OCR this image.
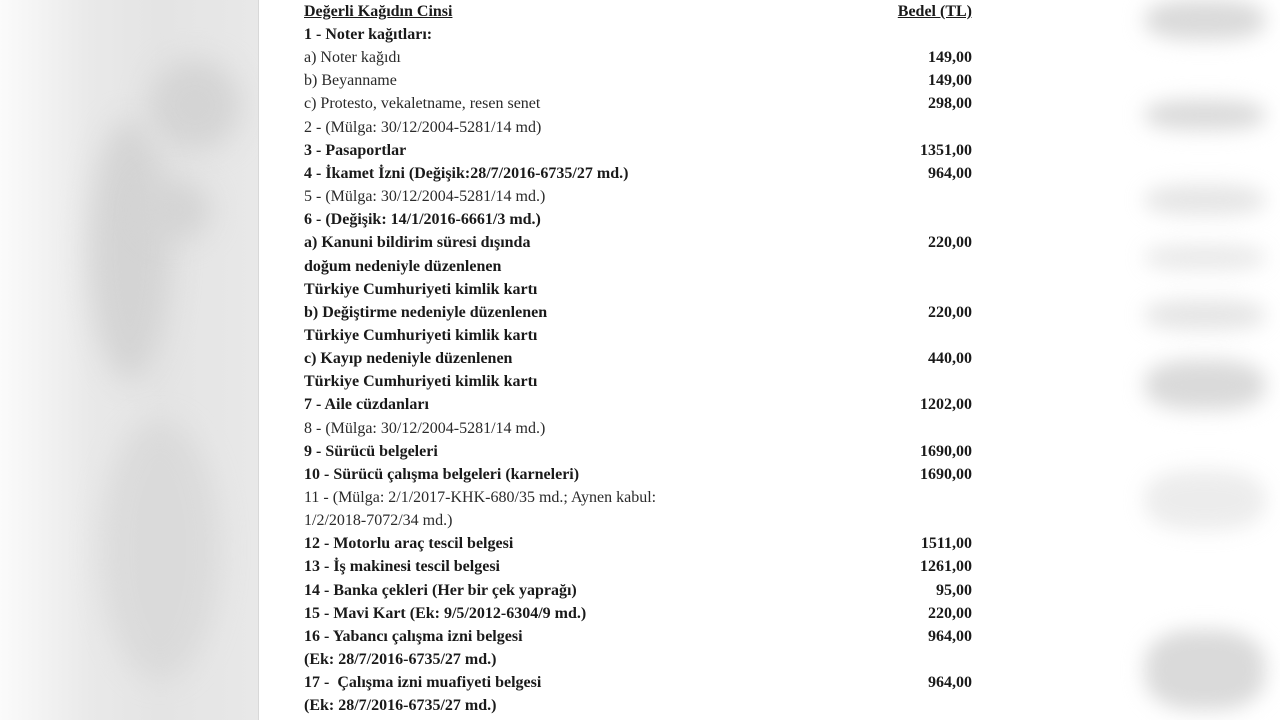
Değerli Kağıdın Cinsi	Bedel (TL)
1 - Noter kağıtları:
a) Noter kağıdı	149,00
b) Beyanname	149,00
c) Protesto, vekaletname, resen senet	298,00
2 - (Mülga: 30/12/2004-5281/14 md)
3 - Pasaportlar	1351,00
4 - İkamet İzni (Değişik:28/7/2016-6735/27 md.)	964,00
5 - (Mülga: 30/12/2004-5281/14 md.)
6 - (Değişik: 14/1/2016-6661/3 md.)
a) Kanuni bildirim süresi dışında	220,00
doğum nedeniyle düzenlenen
Türkiye Cumhuriyeti kimlik kartı
b) Değiştirme nedeniyle düzenlenen	220,00
Türkiye Cumhuriyeti kimlik kartı
c) Kayıp nedeniyle düzenlenen	440,00
Türkiye Cumhuriyeti kimlik kartı
7 - Aile cüzdanları	1202,00
8 - (Mülga: 30/12/2004-5281/14 md.)
9 - Sürücü belgeleri	1690,00
10 - Sürücü çalışma belgeleri (karneleri)	1690,00
11 - (Mülga: 2/1/2017-KHK-680/35 md.; Aynen kabul:
1/2/2018-7072/34 md.)
12 - Motorlu araç tescil belgesi	1511,00
13 - İş makinesi tescil belgesi	1261,00
14 - Banka çekleri (Her bir çek yaprağı)	95,00
15 - Mavi Kart (Ek: 9/5/2012-6304/9 md.)	220,00
16 - Yabancı çalışma izni belgesi	964,00
(Ek: 28/7/2016-6735/27 md.)
17 -  Çalışma izni muafiyeti belgesi	964,00
(Ek: 28/7/2016-6735/27 md.)
